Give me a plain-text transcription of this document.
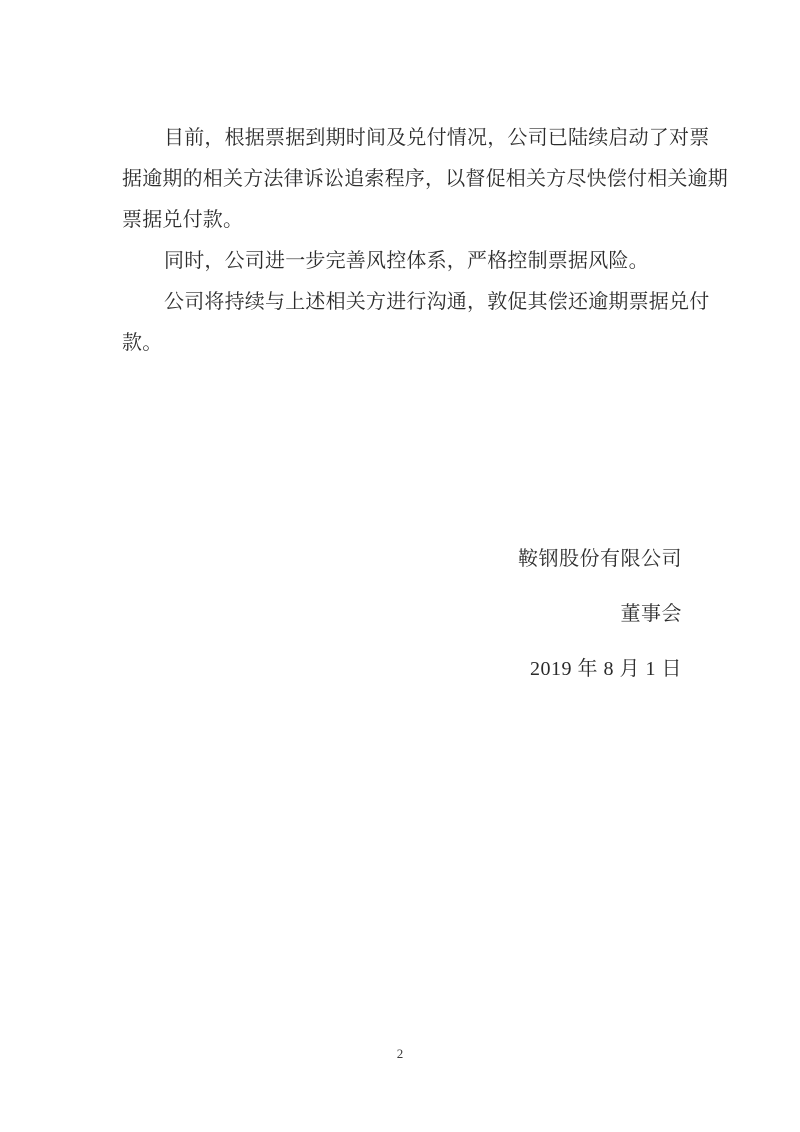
目前，根据票据到期时间及兑付情况，公司已陆续启动了对票
据逾期的相关方法律诉讼追索程序，以督促相关方尽快偿付相关逾期
票据兑付款。
同时，公司进一步完善风控体系，严格控制票据风险。
公司将持续与上述相关方进行沟通，敦促其偿还逾期票据兑付
款。
鞍钢股份有限公司
董事会
2019 年 8 月 1 日
2
